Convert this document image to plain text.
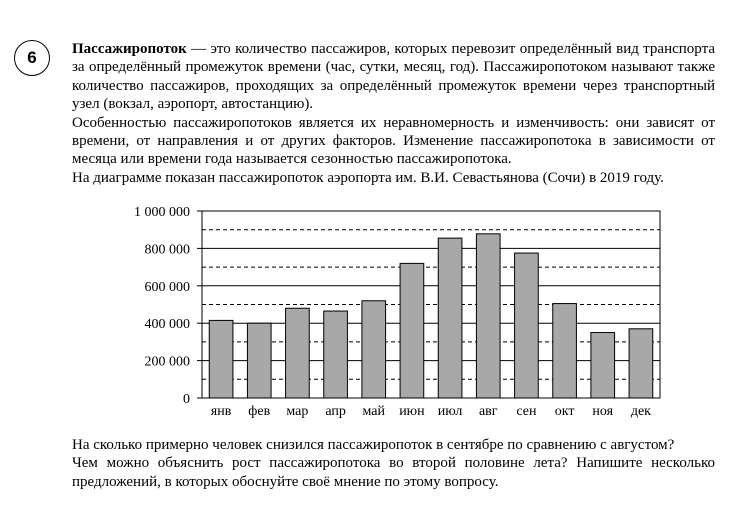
6	Пассажиропоток — это количество пассажиров, которых перевозит определённый вид транспорта за определённый промежуток времени (час, сутки, месяц, год). Пассажиропотоком называют также количество пассажиров, проходящих за определённый промежуток времени через транспортный узел (вокзал, аэропорт, автостанцию).

Особенностью пассажиропотоков является их неравномерность и изменчивость: они зависят от времени, от направления и от других факторов. Изменение пассажиропотока в зависимости от месяца или времени года называется сезонностью пассажиропотока.

На диаграмме показан пассажиропоток аэропорта им. В.И. Севастьянова (Сочи) в 2019 году.

0
200 000
400 000
600 000
800 000
1 000 000
янв фев мар апр май июн июл авг сен окт ноя дек

На сколько примерно человек снизился пассажиропоток в сентябре по сравнению с августом?

Чем можно объяснить рост пассажиропотока во второй половине лета? Напишите несколько предложений, в которых обоснуйте своё мнение по этому вопросу.
